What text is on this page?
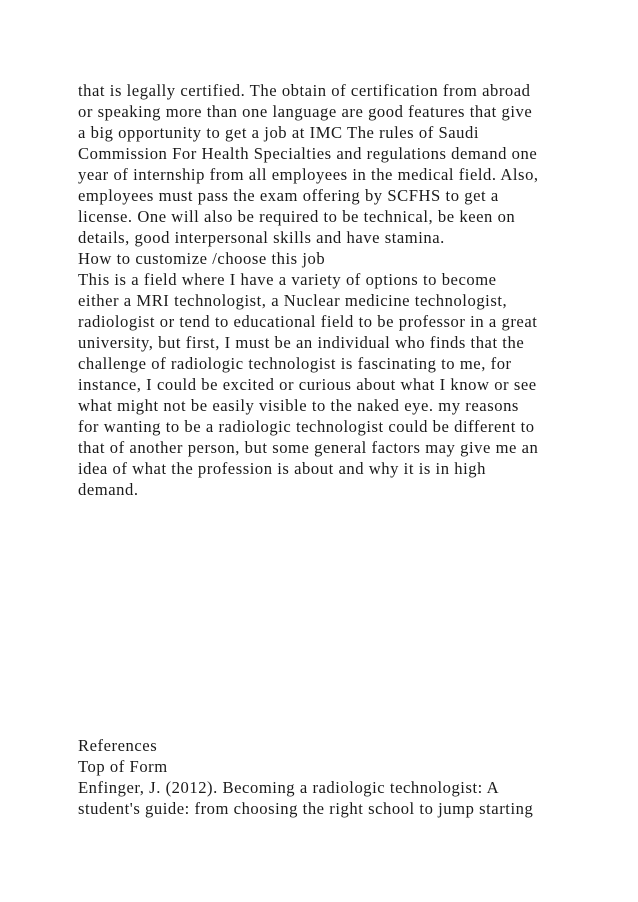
that is legally certified. The obtain of certification from abroad
or speaking more than one language are good features that give
a big opportunity to get a job at IMC The rules of Saudi
Commission For Health Specialties and regulations demand one
year of internship from all employees in the medical field. Also,
employees must pass the exam offering by SCFHS to get a
license. One will also be required to be technical, be keen on
details, good interpersonal skills and have stamina.
How to customize /choose this job
This is a field where I have a variety of options to become
either a MRI technologist, a Nuclear medicine technologist,
radiologist or tend to educational field to be professor in a great
university, but first, I must be an individual who finds that the
challenge of radiologic technologist is fascinating to me, for
instance, I could be excited or curious about what I know or see
what might not be easily visible to the naked eye. my reasons
for wanting to be a radiologic technologist could be different to
that of another person, but some general factors may give me an
idea of what the profession is about and why it is in high
demand.
References
Top of Form
Enfinger, J. (2012). Becoming a radiologic technologist: A
student's guide: from choosing the right school to jump starting
